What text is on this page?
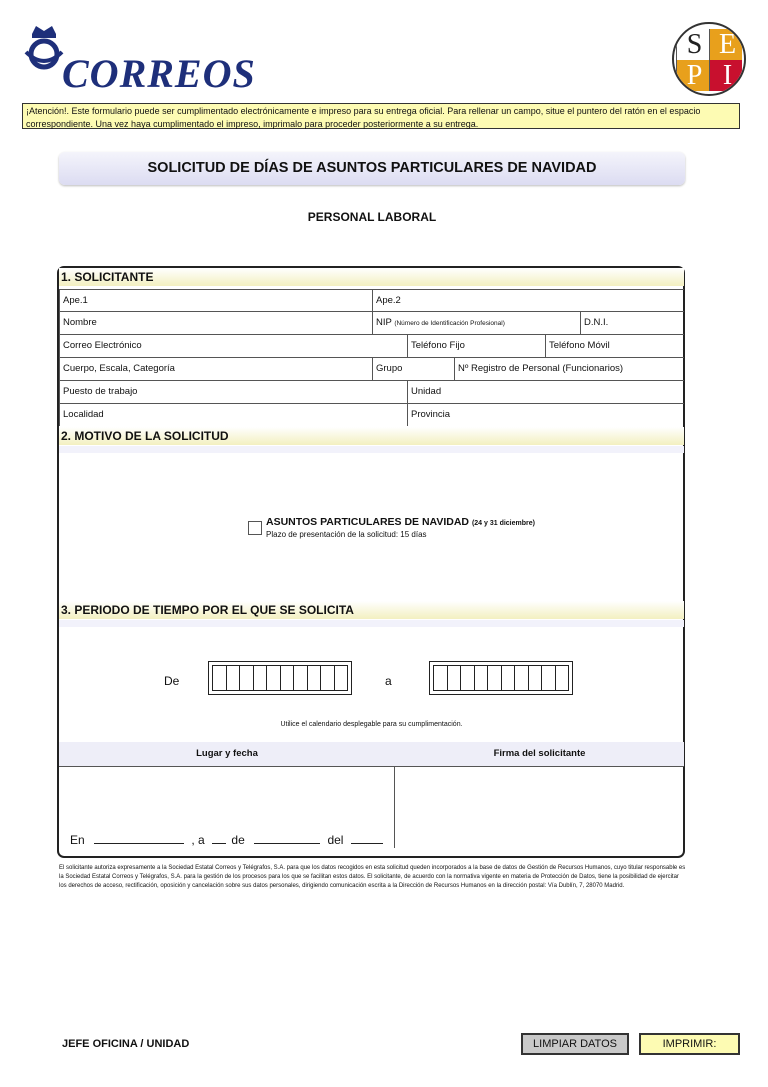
CORREOS
S E
P I
¡Atención!. Este formulario puede ser cumplimentado electrónicamente e impreso para su entrega oficial. Para rellenar un campo, situe el puntero del ratón en el espacio correspondiente. Una vez haya cumplimentado el impreso, imprimalo para proceder posteriormente a su entrega.
SOLICITUD DE DÍAS DE ASUNTOS PARTICULARES DE NAVIDAD
PERSONAL LABORAL
1. SOLICITANTE
Ape.1	Ape.2
Nombre	NIP (Número de Identificación Profesional)	D.N.I.
Correo Electrónico	Teléfono Fijo	Teléfono Móvil
Cuerpo, Escala, Categoría	Grupo	Nº Registro de Personal (Funcionarios)
Puesto de trabajo	Unidad
Localidad	Provincia
2. MOTIVO DE LA SOLICITUD
ASUNTOS PARTICULARES DE NAVIDAD (24 y 31 diciembre)
Plazo de presentación de la solicitud: 15 días
3. PERIODO DE TIEMPO POR EL QUE SE SOLICITA
De	a
Utilice el calendario desplegable para su cumplimentación.
Lugar y fecha	Firma del solicitante
En	, a de	del
El solicitante autoriza expresamente a la Sociedad Estatal Correos y Telégrafos, S.A. para que los datos recogidos en esta solicitud queden incorporados a la base de datos de Gestión de Recursos Humanos, cuyo titular responsable es la Sociedad Estatal Correos y Telégrafos, S.A. para la gestión de los procesos para los que se facilitan estos datos. El solicitante, de acuerdo con la normativa vigente en materia de Protección de Datos, tiene la posibilidad de ejercitar los derechos de acceso, rectificación, oposición y cancelación sobre sus datos personales, dirigiendo comunicación escrita a la Dirección de Recursos Humanos en la dirección postal: Vía Dublín, 7, 28070 Madrid.
JEFE OFICINA / UNIDAD	LIMPIAR DATOS	IMPRIMIR:
